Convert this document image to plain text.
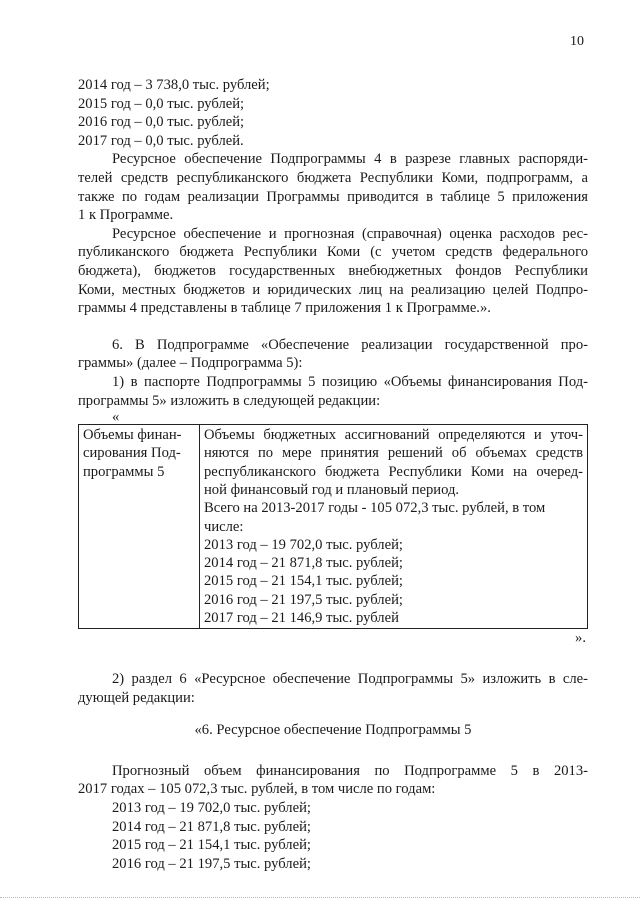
10
2014 год – 3 738,0 тыс. рублей;
2015 год – 0,0 тыс. рублей;
2016 год – 0,0 тыс. рублей;
2017 год – 0,0 тыс. рублей.
Ресурсное обеспечение Подпрограммы 4 в разрезе главных распоряди-
телей средств республиканского бюджета Республики Коми, подпрограмм, а
также по годам реализации Программы приводится в таблице 5 приложения
1 к Программе.
Ресурсное обеспечение и прогнозная (справочная) оценка расходов рес-
публиканского бюджета Республики Коми (с учетом средств федерального
бюджета), бюджетов государственных внебюджетных фондов Республики
Коми, местных бюджетов и юридических лиц на реализацию целей Подпро-
граммы 4 представлены в таблице 7 приложения 1 к Программе.».
6. В Подпрограмме «Обеспечение реализации государственной про-
граммы» (далее – Подпрограмма 5):
1) в паспорте Подпрограммы 5 позицию «Объемы финансирования Под-
программы 5» изложить в следующей редакции:
«
Объемы финан-
сирования Под-
программы 5

Объемы бюджетных ассигнований определяются и уточ-
няются по мере принятия решений об объемах средств
республиканского бюджета Республики Коми на очеред-
ной финансовый год и плановый период.
Всего на 2013-2017 годы - 105 072,3 тыс. рублей, в том
числе:
2013 год – 19 702,0 тыс. рублей;
2014 год – 21 871,8 тыс. рублей;
2015 год – 21 154,1 тыс. рублей;
2016 год – 21 197,5 тыс. рублей;
2017 год – 21 146,9 тыс. рублей
».
2) раздел 6 «Ресурсное обеспечение Подпрограммы 5» изложить в сле-
дующей редакции:
«6. Ресурсное обеспечение Подпрограммы 5
Прогнозный объем финансирования по Подпрограмме 5 в 2013-
2017 годах – 105 072,3 тыс. рублей, в том числе по годам:
2013 год – 19 702,0 тыс. рублей;
2014 год – 21 871,8 тыс. рублей;
2015 год – 21 154,1 тыс. рублей;
2016 год – 21 197,5 тыс. рублей;
